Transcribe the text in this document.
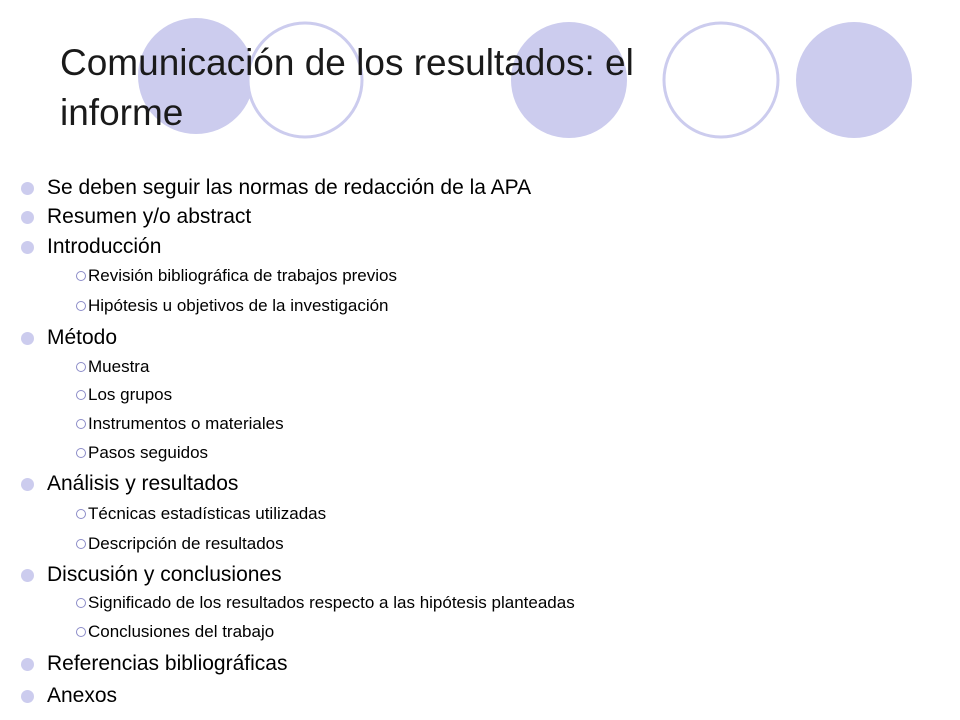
Comunicación de los resultados: el
informe
Se deben seguir las normas de redacción de la APA
Resumen y/o abstract
Introducción
Revisión bibliográfica de trabajos previos
Hipótesis u objetivos de la investigación
Método
Muestra
Los grupos
Instrumentos o materiales
Pasos seguidos
Análisis y resultados
Técnicas estadísticas utilizadas
Descripción de resultados
Discusión y conclusiones
Significado de los resultados respecto a las hipótesis planteadas
Conclusiones del trabajo
Referencias bibliográficas
Anexos
